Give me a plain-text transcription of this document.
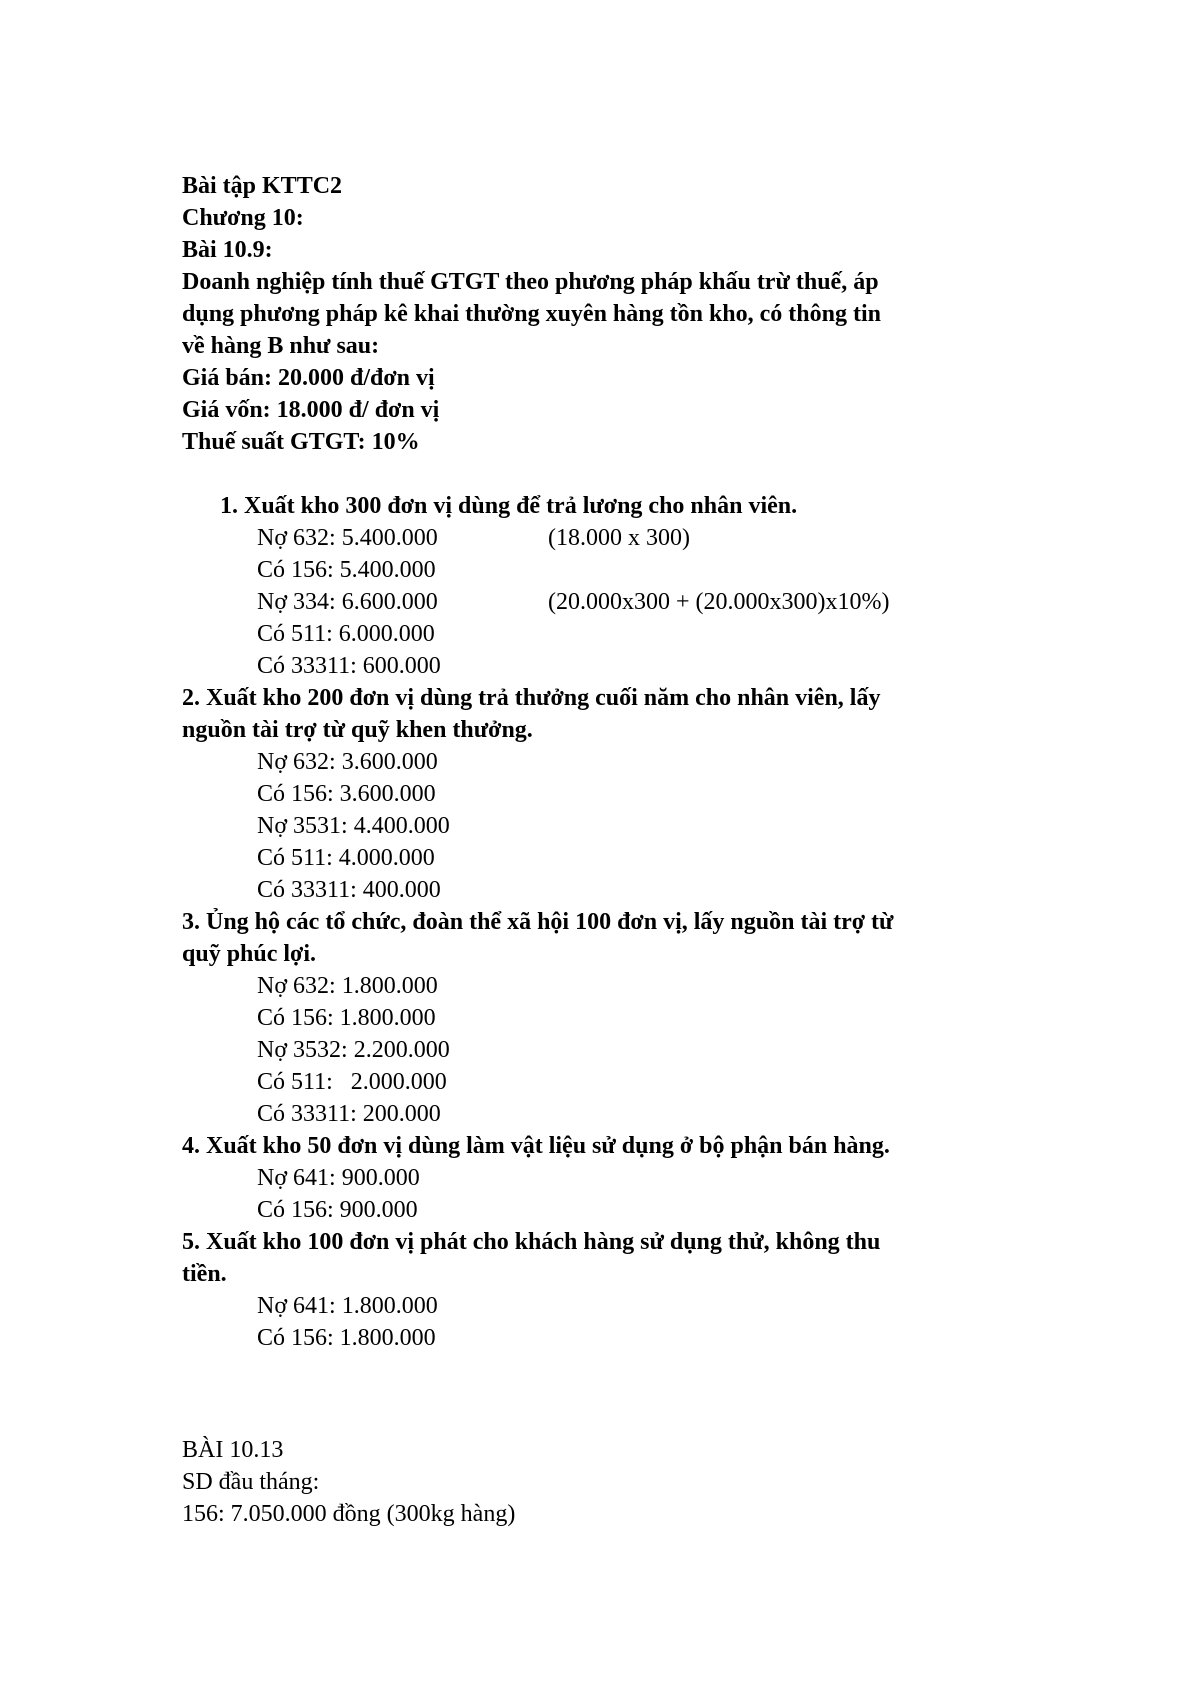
Bài tập KTTC2
Chương 10:
Bài 10.9:
Doanh nghiệp tính thuế GTGT theo phương pháp khấu trừ thuế, áp
dụng phương pháp kê khai thường xuyên hàng tồn kho, có thông tin
về hàng B như sau:
Giá bán: 20.000 đ/đơn vị
Giá vốn: 18.000 đ/ đơn vị
Thuế suất GTGT: 10%
1. Xuất kho 300 đơn vị dùng để trả lương cho nhân viên.
Nợ 632: 5.400.000	(18.000 x 300)
Có 156: 5.400.000
Nợ 334: 6.600.000	(20.000x300 + (20.000x300)x10%)
Có 511: 6.000.000
Có 33311: 600.000
2. Xuất kho 200 đơn vị dùng trả thưởng cuối năm cho nhân viên, lấy
nguồn tài trợ từ quỹ khen thưởng.
Nợ 632: 3.600.000
Có 156: 3.600.000
Nợ 3531: 4.400.000
Có 511: 4.000.000
Có 33311: 400.000
3. Ủng hộ các tổ chức, đoàn thể xã hội 100 đơn vị, lấy nguồn tài trợ từ
quỹ phúc lợi.
Nợ 632: 1.800.000
Có 156: 1.800.000
Nợ 3532: 2.200.000
Có 511:   2.000.000
Có 33311: 200.000
4. Xuất kho 50 đơn vị dùng làm vật liệu sử dụng ở bộ phận bán hàng.
Nợ 641: 900.000
Có 156: 900.000
5. Xuất kho 100 đơn vị phát cho khách hàng sử dụng thử, không thu
tiền.
Nợ 641: 1.800.000
Có 156: 1.800.000
BÀI 10.13
SD đầu tháng:
156: 7.050.000 đồng (300kg hàng)
